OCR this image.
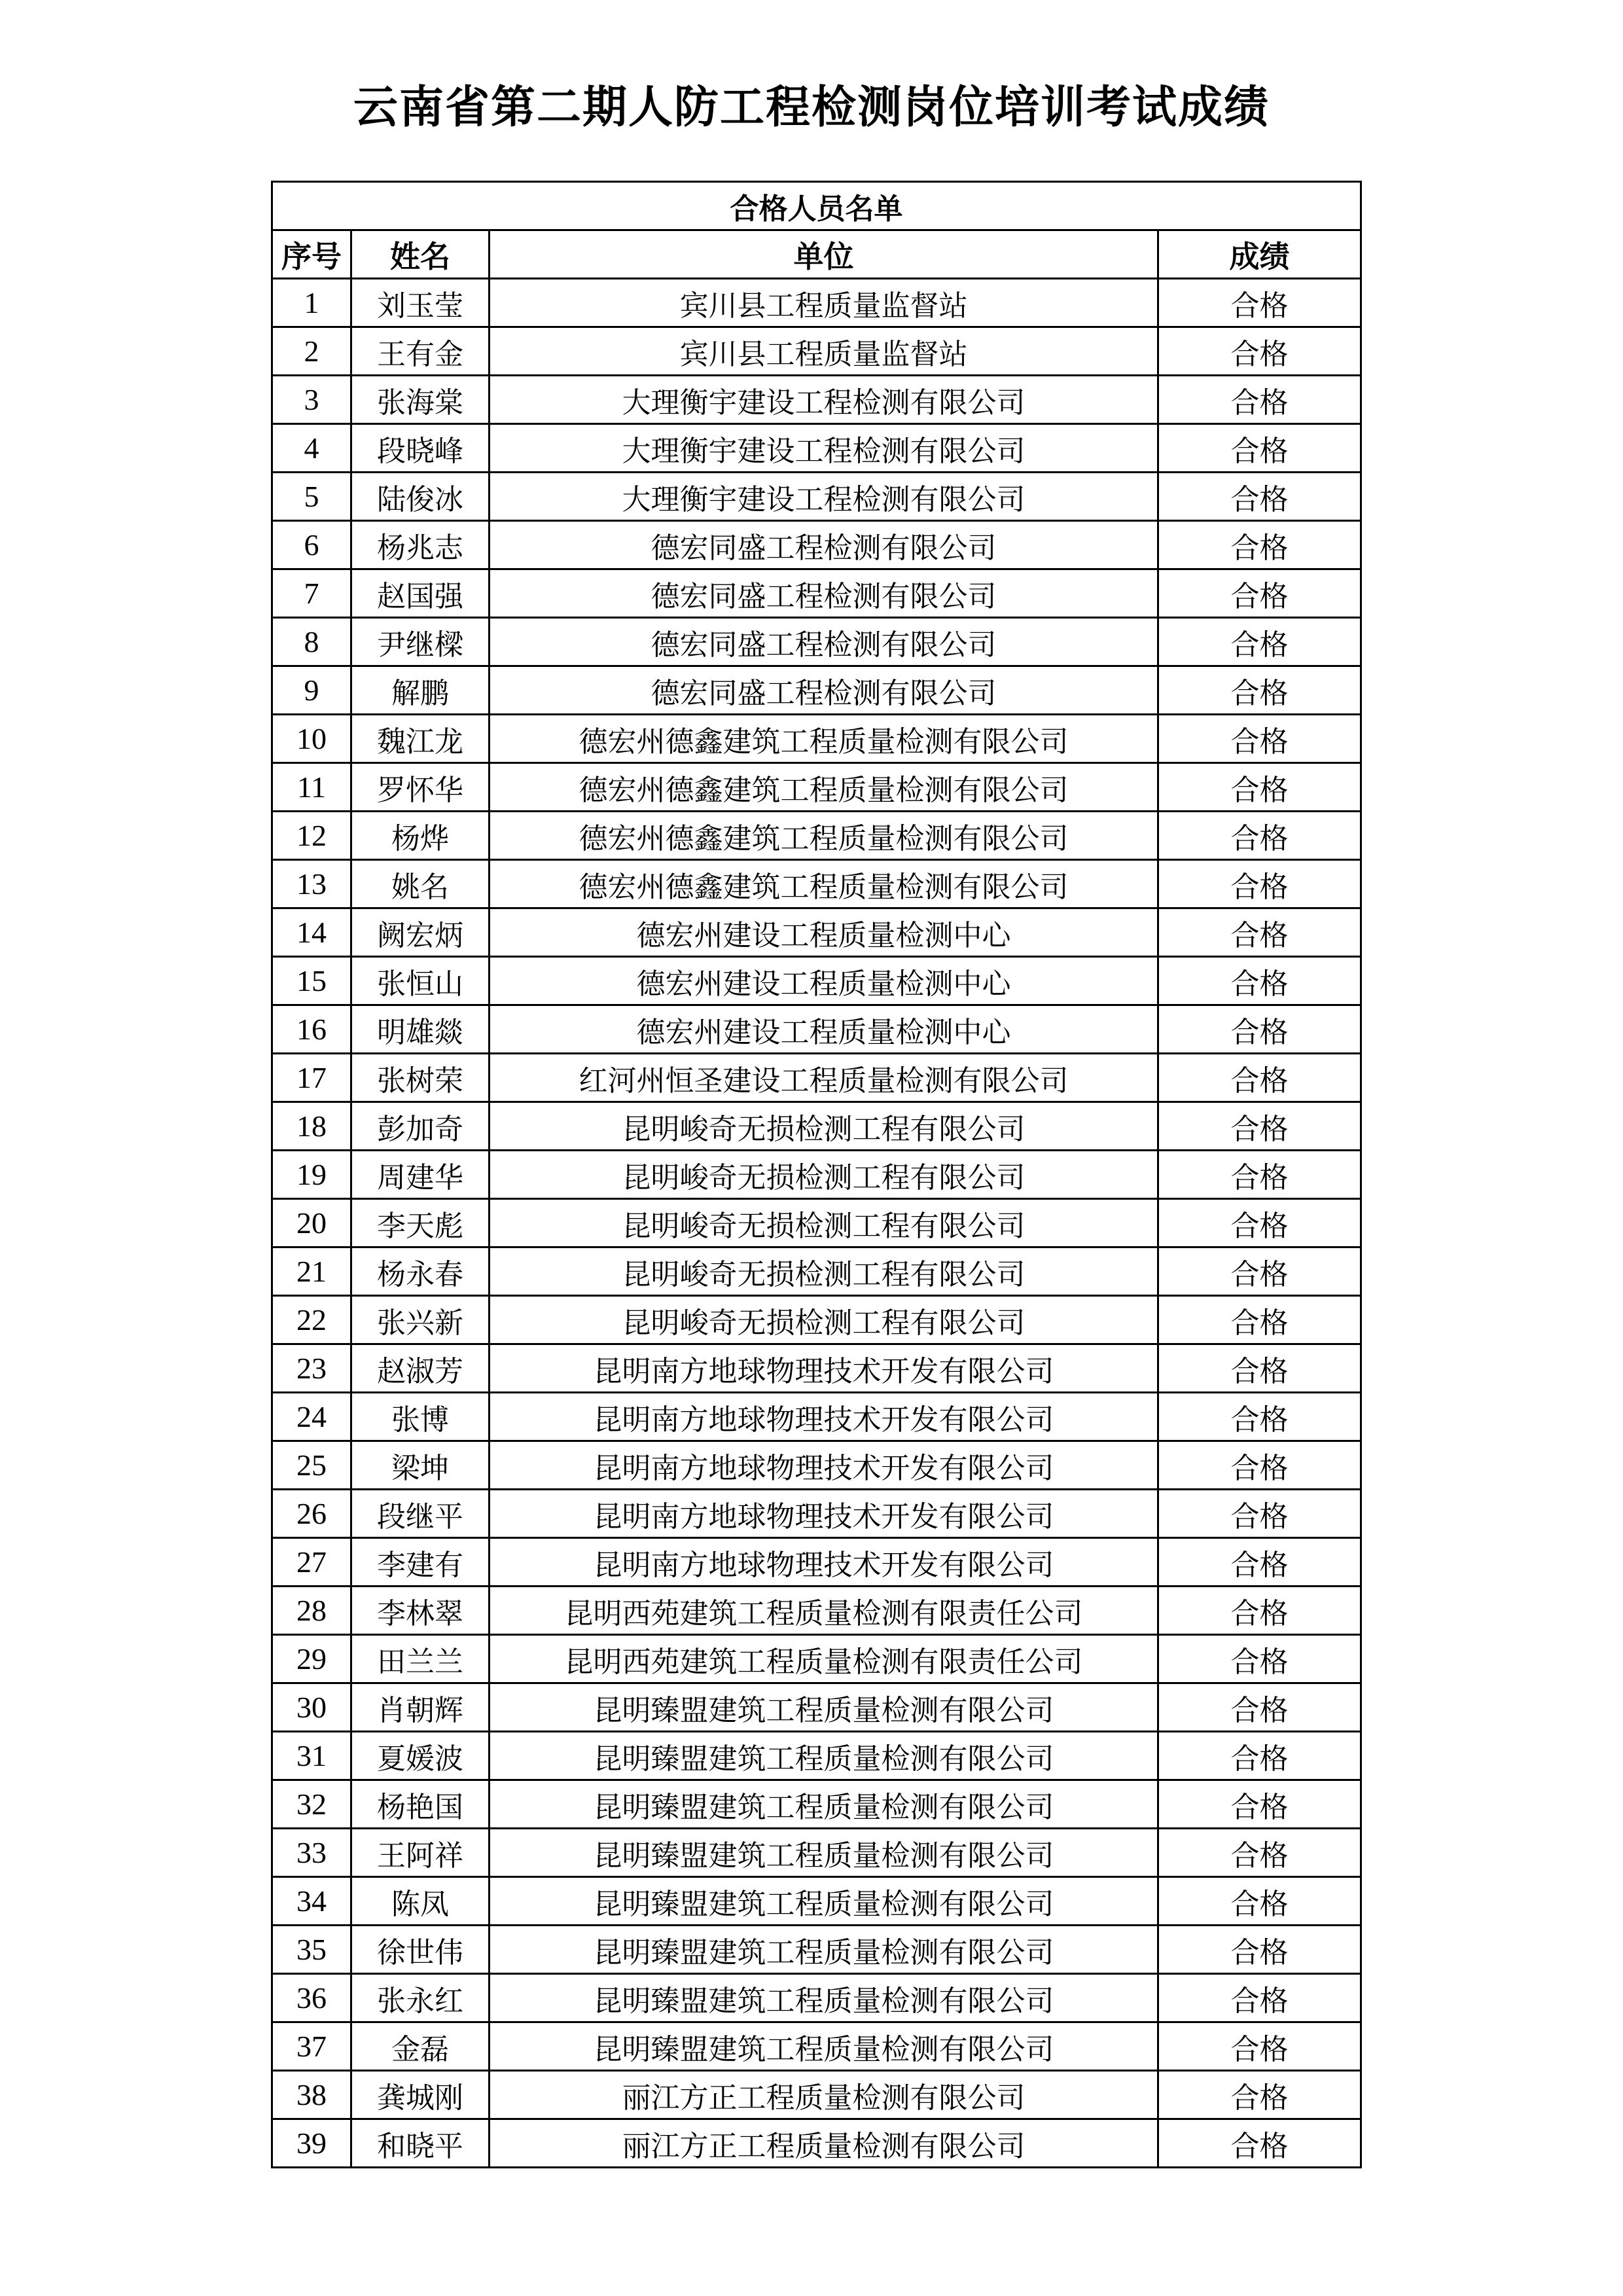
云南省第二期人防工程检测岗位培训考试成绩
合格人员名单			
序号	姓名	单位	成绩
1	刘玉莹	宾川县工程质量监督站	合格
2	王有金	宾川县工程质量监督站	合格
3	张海棠	大理衡宇建设工程检测有限公司	合格
4	段晓峰	大理衡宇建设工程检测有限公司	合格
5	陆俊冰	大理衡宇建设工程检测有限公司	合格
6	杨兆志	德宏同盛工程检测有限公司	合格
7	赵国强	德宏同盛工程检测有限公司	合格
8	尹继樑	德宏同盛工程检测有限公司	合格
9	解鹏	德宏同盛工程检测有限公司	合格
10	魏江龙	德宏州德鑫建筑工程质量检测有限公司	合格
11	罗怀华	德宏州德鑫建筑工程质量检测有限公司	合格
12	杨烨	德宏州德鑫建筑工程质量检测有限公司	合格
13	姚名	德宏州德鑫建筑工程质量检测有限公司	合格
14	阙宏炳	德宏州建设工程质量检测中心	合格
15	张恒山	德宏州建设工程质量检测中心	合格
16	明雄燚	德宏州建设工程质量检测中心	合格
17	张树荣	红河州恒圣建设工程质量检测有限公司	合格
18	彭加奇	昆明峻奇无损检测工程有限公司	合格
19	周建华	昆明峻奇无损检测工程有限公司	合格
20	李天彪	昆明峻奇无损检测工程有限公司	合格
21	杨永春	昆明峻奇无损检测工程有限公司	合格
22	张兴新	昆明峻奇无损检测工程有限公司	合格
23	赵淑芳	昆明南方地球物理技术开发有限公司	合格
24	张博	昆明南方地球物理技术开发有限公司	合格
25	梁坤	昆明南方地球物理技术开发有限公司	合格
26	段继平	昆明南方地球物理技术开发有限公司	合格
27	李建有	昆明南方地球物理技术开发有限公司	合格
28	李林翠	昆明西苑建筑工程质量检测有限责任公司	合格
29	田兰兰	昆明西苑建筑工程质量检测有限责任公司	合格
30	肖朝辉	昆明臻盟建筑工程质量检测有限公司	合格
31	夏媛波	昆明臻盟建筑工程质量检测有限公司	合格
32	杨艳国	昆明臻盟建筑工程质量检测有限公司	合格
33	王阿祥	昆明臻盟建筑工程质量检测有限公司	合格
34	陈凤	昆明臻盟建筑工程质量检测有限公司	合格
35	徐世伟	昆明臻盟建筑工程质量检测有限公司	合格
36	张永红	昆明臻盟建筑工程质量检测有限公司	合格
37	金磊	昆明臻盟建筑工程质量检测有限公司	合格
38	龚城刚	丽江方正工程质量检测有限公司	合格
39	和晓平	丽江方正工程质量检测有限公司	合格
